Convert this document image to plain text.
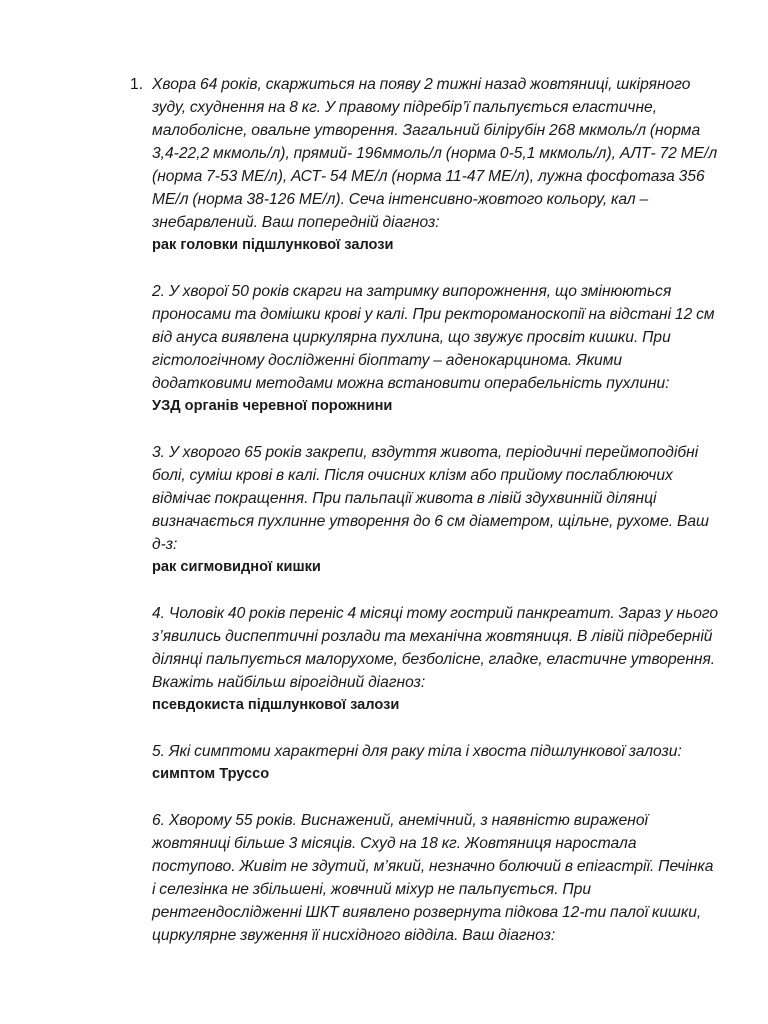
1. Хвора 64 років, скаржиться на появу 2 тижні назад жовтяниці, шкіряного зуду, схуднення на 8 кг. У правому підребір’ї пальпується еластичне, малоболісне, овальне утворення. Загальний білірубін 268 мкмоль/л (норма 3,4-22,2 мкмоль/л), прямий- 196ммоль/л (норма 0-5,1 мкмоль/л), АЛТ- 72 МЕ/л (норма 7-53 МЕ/л), АСТ- 54 МЕ/л (норма 11-47 МЕ/л), лужна фосфотаза 356 МЕ/л (норма 38-126 МЕ/л). Сеча інтенсивно-жовтого кольору, кал – знебарвлений. Ваш попередній діагноз:

рак головки підшлункової залози

2. У хворої 50 років скарги на затримку випорожнення, що змінюються проносами та домішки крові у калі. При ректороманоскопії на відстані 12 см від ануса виявлена циркулярна пухлина, що звужує просвіт кишки. При гістологічному дослідженні біоптату – аденокарцинома. Якими додатковими методами можна встановити операбельність пухлини:

УЗД органів черевної порожнини

3. У хворого 65 років закрепи, вздуття живота, періодичні переймоподібні болі, суміш крові в калі. Після очисних клізм або прийому послаблюючих відмічає покращення. При пальпації живота в лівій здухвинній ділянці визначається пухлинне утворення до 6 см діаметром, щільне, рухоме. Ваш д-з:

рак сигмовидної кишки

4. Чоловік 40 років переніс 4 місяці тому гострий панкреатит. Зараз у нього з’явились диспептичні розлади та механічна жовтяниця. В лівій підреберній ділянці пальпується малорухоме, безболісне, гладке, еластичне утворення. Вкажіть найбільш вірогідний діагноз:

псевдокиста підшлункової залози

5. Які симптоми характерні для раку тіла і хвоста підшлункової залози:

симптом Труссо

6. Хворому 55 років. Виснажений, анемічний, з наявністю вираженої жовтяниці більше 3 місяців. Схуд на 18 кг. Жовтяниця наростала поступово. Живіт не здутий, м’який, незначно болючий в епігастрії. Печінка і селезінка не збільшені, жовчний міхур не пальпується. При рентгендослідженні ШКТ виявлено розвернута підкова 12-ти палої кишки, циркулярне звуження її нисхідного відділа. Ваш діагноз:
